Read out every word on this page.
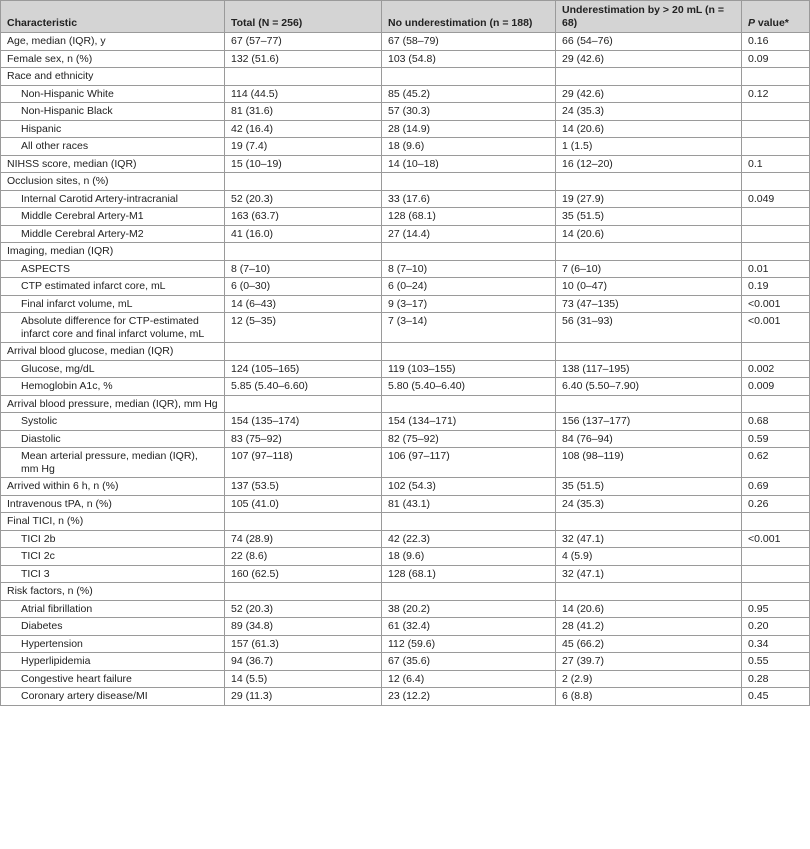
Characteristic	Total (N = 256)	No underestimation (n = 188)	Underestimation by > 20 mL (n = 68)	P value*
Age, median (IQR), y	67 (57–77)	67 (58–79)	66 (54–76)	0.16
Female sex, n (%)	132 (51.6)	103 (54.8)	29 (42.6)	0.09
Race and ethnicity				
Non-Hispanic White	114 (44.5)	85 (45.2)	29 (42.6)	0.12
Non-Hispanic Black	81 (31.6)	57 (30.3)	24 (35.3)	
Hispanic	42 (16.4)	28 (14.9)	14 (20.6)	
All other races	19 (7.4)	18 (9.6)	1 (1.5)	
NIHSS score, median (IQR)	15 (10–19)	14 (10–18)	16 (12–20)	0.1
Occlusion sites, n (%)				
Internal Carotid Artery-intracranial	52 (20.3)	33 (17.6)	19 (27.9)	0.049
Middle Cerebral Artery-M1	163 (63.7)	128 (68.1)	35 (51.5)	
Middle Cerebral Artery-M2	41 (16.0)	27 (14.4)	14 (20.6)	
Imaging, median (IQR)				
ASPECTS	8 (7–10)	8 (7–10)	7 (6–10)	0.01
CTP estimated infarct core, mL	6 (0–30)	6 (0–24)	10 (0–47)	0.19
Final infarct volume, mL	14 (6–43)	9 (3–17)	73 (47–135)	<0.001
Absolute difference for CTP-estimated infarct core and final infarct volume, mL	12 (5–35)	7 (3–14)	56 (31–93)	<0.001
Arrival blood glucose, median (IQR)				
Glucose, mg/dL	124 (105–165)	119 (103–155)	138 (117–195)	0.002
Hemoglobin A1c, %	5.85 (5.40–6.60)	5.80 (5.40–6.40)	6.40 (5.50–7.90)	0.009
Arrival blood pressure, median (IQR), mm Hg				
Systolic	154 (135–174)	154 (134–171)	156 (137–177)	0.68
Diastolic	83 (75–92)	82 (75–92)	84 (76–94)	0.59
Mean arterial pressure, median (IQR), mm Hg	107 (97–118)	106 (97–117)	108 (98–119)	0.62
Arrived within 6 h, n (%)	137 (53.5)	102 (54.3)	35 (51.5)	0.69
Intravenous tPA, n (%)	105 (41.0)	81 (43.1)	24 (35.3)	0.26
Final TICI, n (%)				
TICI 2b	74 (28.9)	42 (22.3)	32 (47.1)	<0.001
TICI 2c	22 (8.6)	18 (9.6)	4 (5.9)	
TICI 3	160 (62.5)	128 (68.1)	32 (47.1)	
Risk factors, n (%)				
Atrial fibrillation	52 (20.3)	38 (20.2)	14 (20.6)	0.95
Diabetes	89 (34.8)	61 (32.4)	28 (41.2)	0.20
Hypertension	157 (61.3)	112 (59.6)	45 (66.2)	0.34
Hyperlipidemia	94 (36.7)	67 (35.6)	27 (39.7)	0.55
Congestive heart failure	14 (5.5)	12 (6.4)	2 (2.9)	0.28
Coronary artery disease/MI	29 (11.3)	23 (12.2)	6 (8.8)	0.45
